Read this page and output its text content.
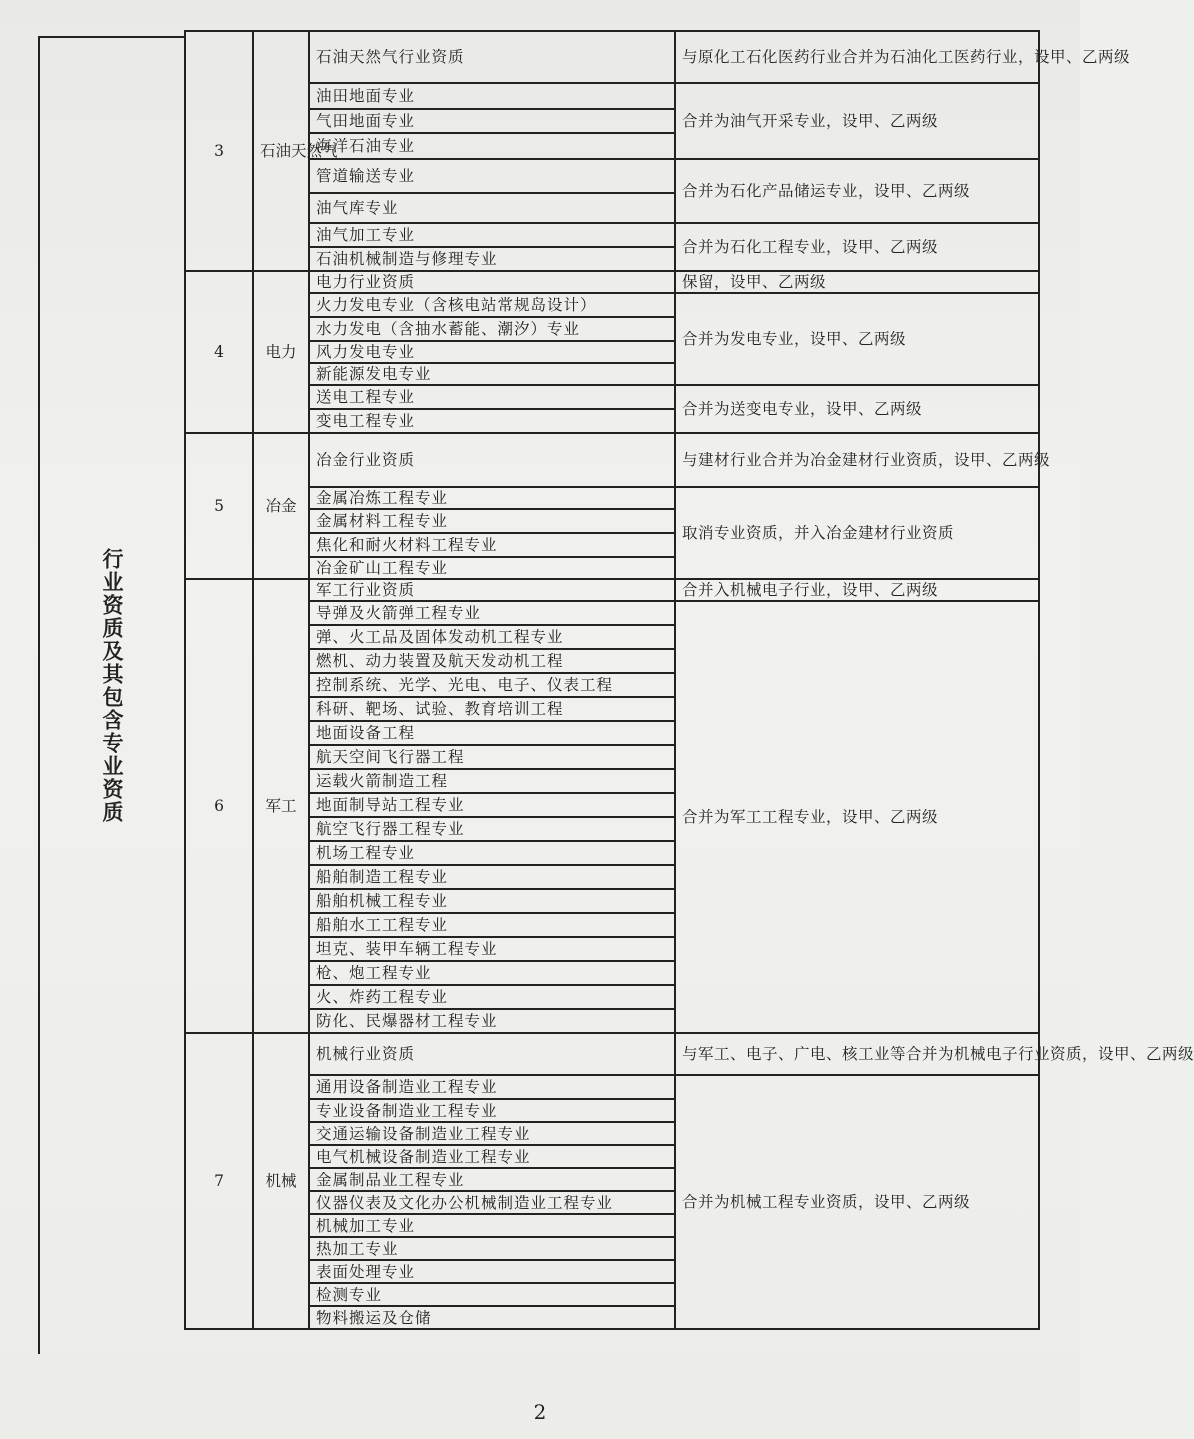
行业资质及其包含专业资质
3	石油天然气	石油天然气行业资质	与原化工石化医药行业合并为石油化工医药行业，设甲、乙两级
		油田地面专业	合并为油气开采专业，设甲、乙两级
		气田地面专业	
		海洋石油专业	
		管道输送专业	合并为石化产品储运专业，设甲、乙两级
		油气库专业	
		油气加工专业	合并为石化工程专业，设甲、乙两级
		石油机械制造与修理专业	
4	电力	电力行业资质	保留，设甲、乙两级
		火力发电专业（含核电站常规岛设计）	合并为发电专业，设甲、乙两级
		水力发电（含抽水蓄能、潮汐）专业	
		风力发电专业	
		新能源发电专业	
		送电工程专业	合并为送变电专业，设甲、乙两级
		变电工程专业	
5	冶金	冶金行业资质	与建材行业合并为冶金建材行业资质，设甲、乙两级
		金属冶炼工程专业	取消专业资质，并入冶金建材行业资质
		金属材料工程专业	
		焦化和耐火材料工程专业	
		冶金矿山工程专业	
6	军工	军工行业资质	合并入机械电子行业，设甲、乙两级
		导弹及火箭弹工程专业	合并为军工工程专业，设甲、乙两级
		弹、火工品及固体发动机工程专业	
		燃机、动力装置及航天发动机工程	
		控制系统、光学、光电、电子、仪表工程	
		科研、靶场、试验、教育培训工程	
		地面设备工程	
		航天空间飞行器工程	
		运载火箭制造工程	
		地面制导站工程专业	
		航空飞行器工程专业	
		机场工程专业	
		船舶制造工程专业	
		船舶机械工程专业	
		船舶水工工程专业	
		坦克、装甲车辆工程专业	
		枪、炮工程专业	
		火、炸药工程专业	
		防化、民爆器材工程专业	
7	机械	机械行业资质	与军工、电子、广电、核工业等合并为机械电子行业资质，设甲、乙两级
		通用设备制造业工程专业	合并为机械工程专业资质，设甲、乙两级
		专业设备制造业工程专业	
		交通运输设备制造业工程专业	
		电气机械设备制造业工程专业	
		金属制品业工程专业	
		仪器仪表及文化办公机械制造业工程专业	
		机械加工专业	
		热加工专业	
		表面处理专业	
		检测专业	
		物料搬运及仓储	
2
